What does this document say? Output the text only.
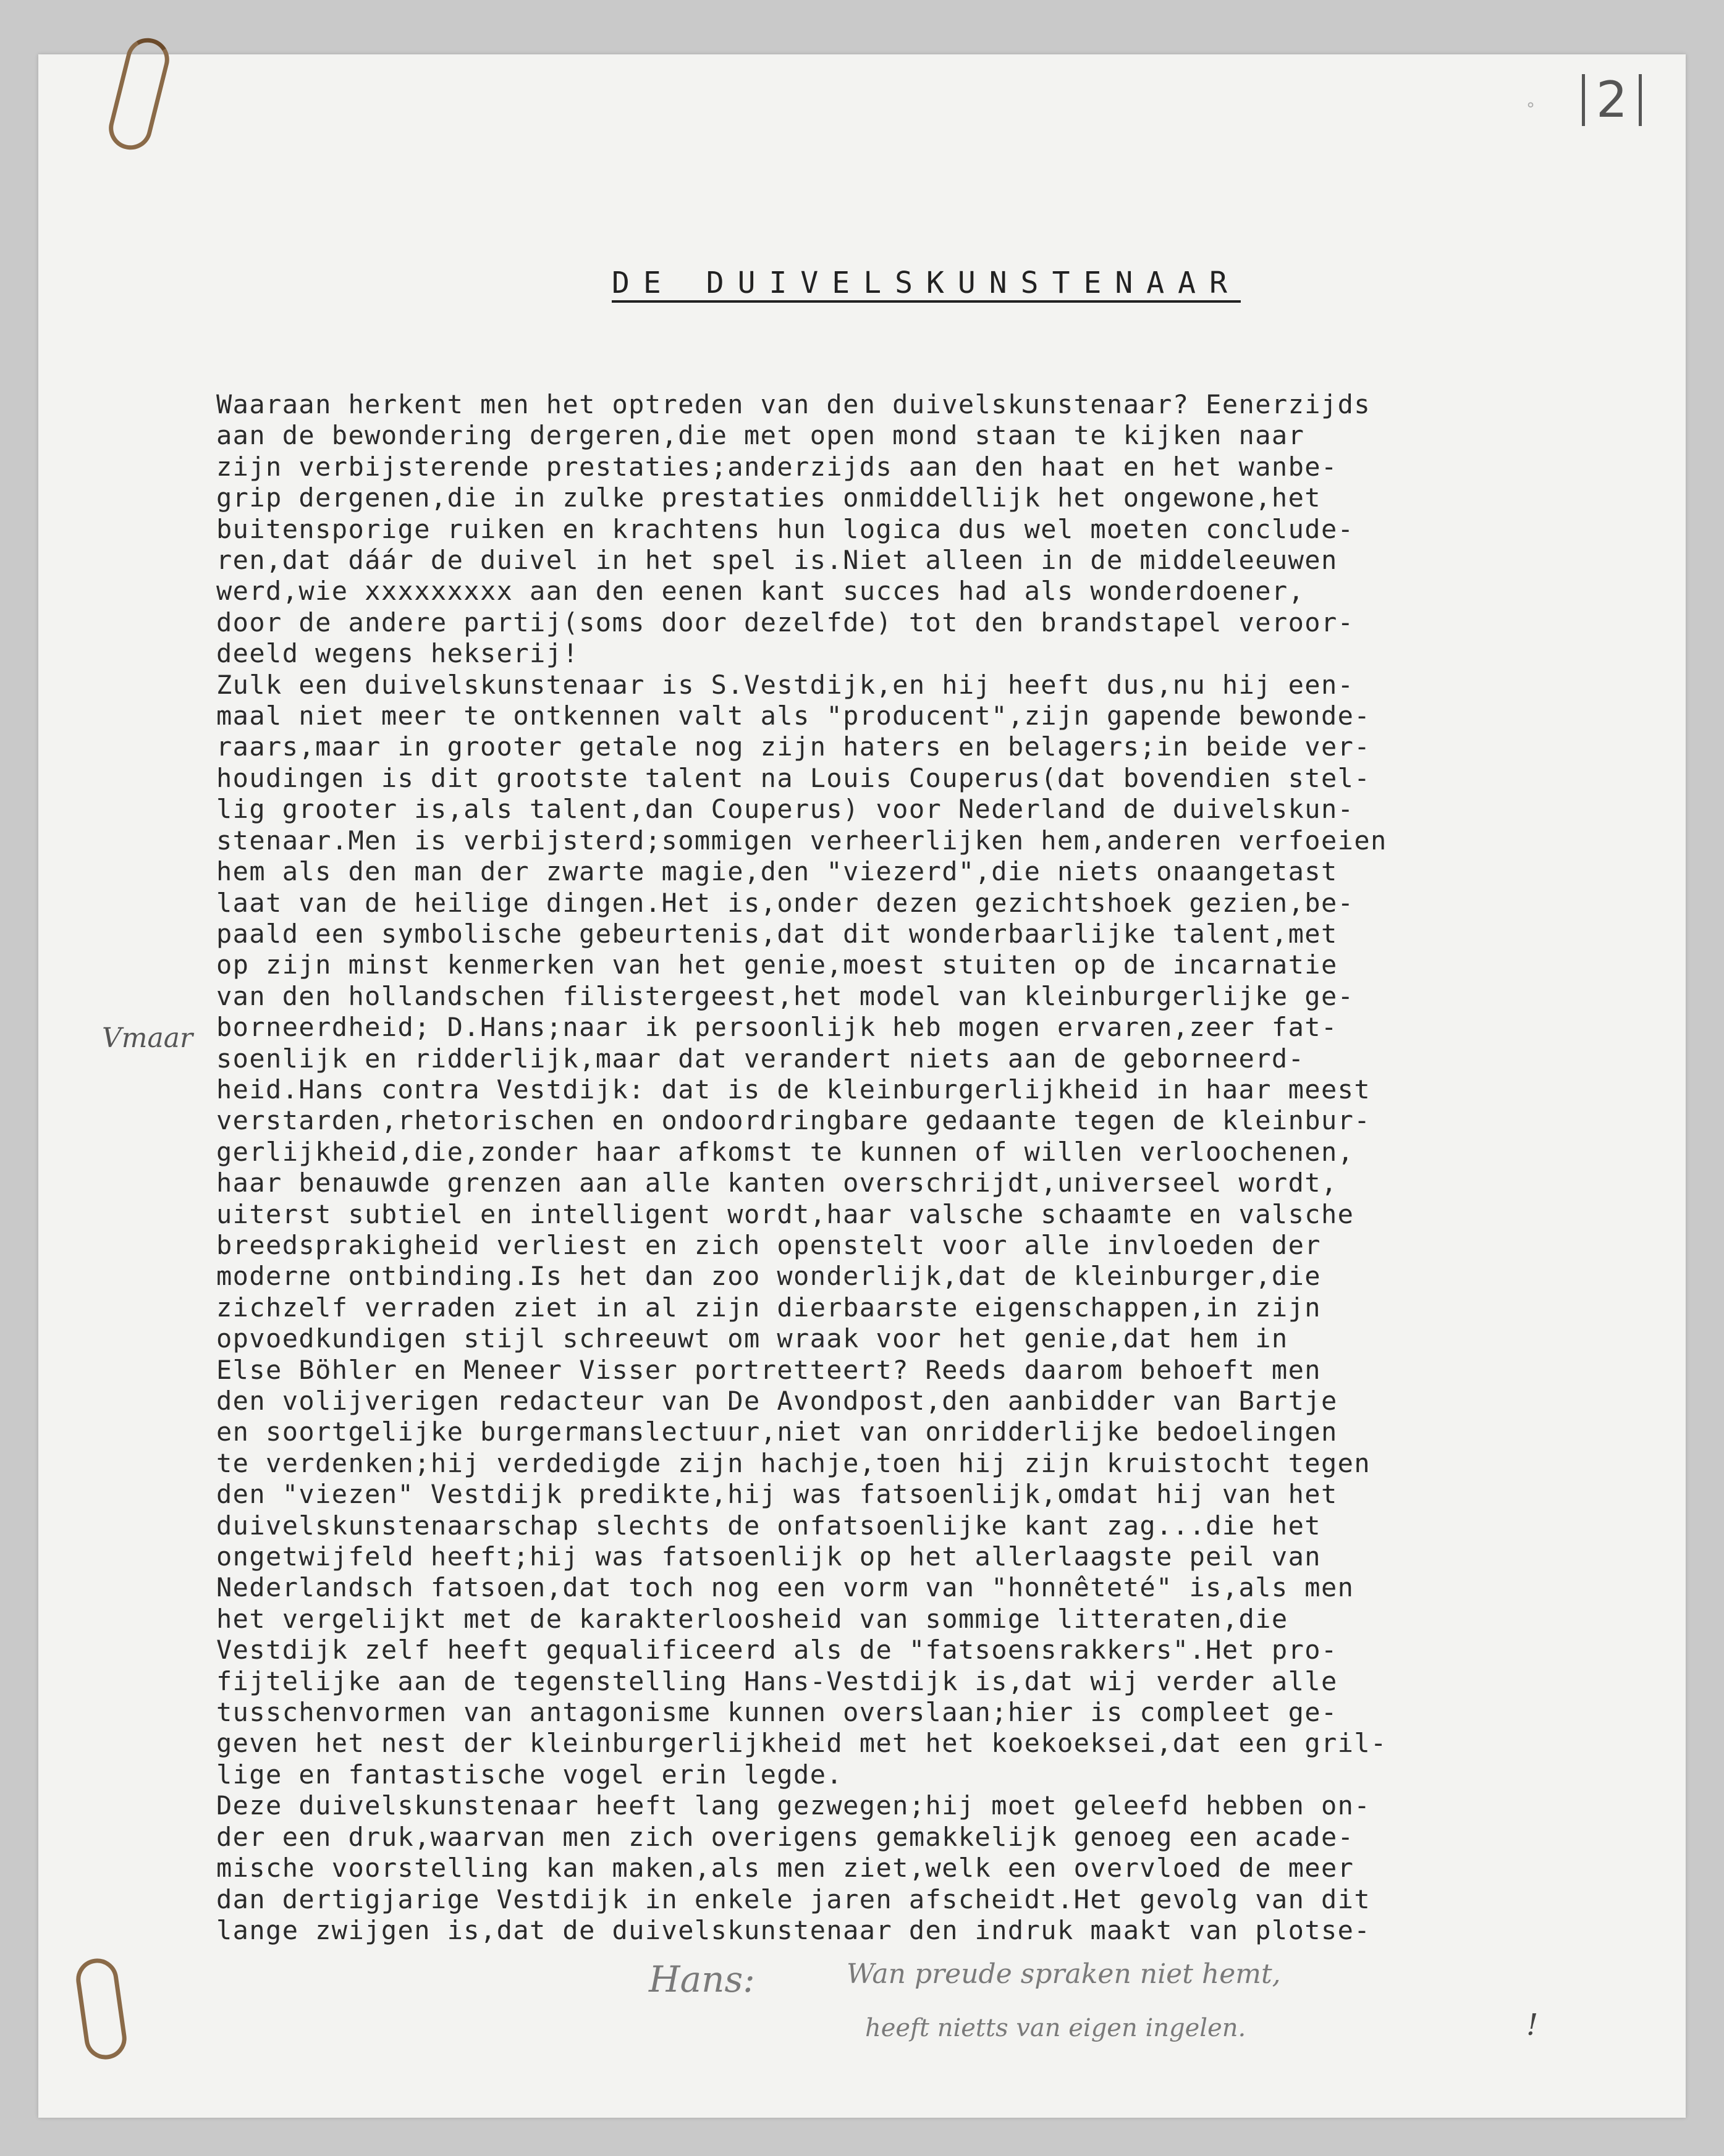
° 2
DE DUIVELSKUNSTENAAR
Waaraan herkent men het optreden van den duivelskunstenaar? Eenerzijds
aan de bewondering dergeren,die met open mond staan te kijken naar
zijn verbijsterende prestaties;anderzijds aan den haat en het wanbe-
grip dergenen,die in zulke prestaties onmiddellijk het ongewone,het
buitensporige ruiken en krachtens hun logica dus wel moeten conclude-
ren,dat dáár de duivel in het spel is.Niet alleen in de middeleeuwen
werd,wie xxxxxxxxx aan den eenen kant succes had als wonderdoener,
door de andere partij(soms door dezelfde) tot den brandstapel veroor-
deeld wegens hekserij!
Zulk een duivelskunstenaar is S.Vestdijk,en hij heeft dus,nu hij een-
maal niet meer te ontkennen valt als "producent",zijn gapende bewonde-
raars,maar in grooter getale nog zijn haters en belagers;in beide ver-
houdingen is dit grootste talent na Louis Couperus(dat bovendien stel-
lig grooter is,als talent,dan Couperus) voor Nederland de duivelskun-
stenaar.Men is verbijsterd;sommigen verheerlijken hem,anderen verfoeien
hem als den man der zwarte magie,den "viezerd",die niets onaangetast
laat van de heilige dingen.Het is,onder dezen gezichtshoek gezien,be-
paald een symbolische gebeurtenis,dat dit wonderbaarlijke talent,met
op zijn minst kenmerken van het genie,moest stuiten op de incarnatie
van den hollandschen filistergeest,het model van kleinburgerlijke ge-
borneerdheid; D.Hans;naar ik persoonlijk heb mogen ervaren,zeer fat-
soenlijk en ridderlijk,maar dat verandert niets aan de geborneerd-
heid.Hans contra Vestdijk: dat is de kleinburgerlijkheid in haar meest
verstarden,rhetorischen en ondoordringbare gedaante tegen de kleinbur-
gerlijkheid,die,zonder haar afkomst te kunnen of willen verloochenen,
haar benauwde grenzen aan alle kanten overschrijdt,universeel wordt,
uiterst subtiel en intelligent wordt,haar valsche schaamte en valsche
breedsprakigheid verliest en zich openstelt voor alle invloeden der
moderne ontbinding.Is het dan zoo wonderlijk,dat de kleinburger,die
zichzelf verraden ziet in al zijn dierbaarste eigenschappen,in zijn
opvoedkundigen stijl schreeuwt om wraak voor het genie,dat hem in
Else Böhler en Meneer Visser portretteert? Reeds daarom behoeft men
den volijverigen redacteur van De Avondpost,den aanbidder van Bartje
en soortgelijke burgermanslectuur,niet van onridderlijke bedoelingen
te verdenken;hij verdedigde zijn hachje,toen hij zijn kruistocht tegen
den "viezen" Vestdijk predikte,hij was fatsoenlijk,omdat hij van het
duivelskunstenaarschap slechts de onfatsoenlijke kant zag...die het
ongetwijfeld heeft;hij was fatsoenlijk op het allerlaagste peil van
Nederlandsch fatsoen,dat toch nog een vorm van "honnêteté" is,als men
het vergelijkt met de karakterloosheid van sommige litteraten,die
Vestdijk zelf heeft gequalificeerd als de "fatsoensrakkers".Het pro-
fijtelijke aan de tegenstelling Hans-Vestdijk is,dat wij verder alle
tusschenvormen van antagonisme kunnen overslaan;hier is compleet ge-
geven het nest der kleinburgerlijkheid met het koekoeksei,dat een gril-
lige en fantastische vogel erin legde.
Deze duivelskunstenaar heeft lang gezwegen;hij moet geleefd hebben on-
der een druk,waarvan men zich overigens gemakkelijk genoeg een acade-
mische voorstelling kan maken,als men ziet,welk een overvloed de meer
dan dertigjarige Vestdijk in enkele jaren afscheidt.Het gevolg van dit
lange zwijgen is,dat de duivelskunstenaar den indruk maakt van plotse-
Vmaar
Hans:	Wan preude spraken niet hemt,
heeft nietts van eigen ingelen.	!
